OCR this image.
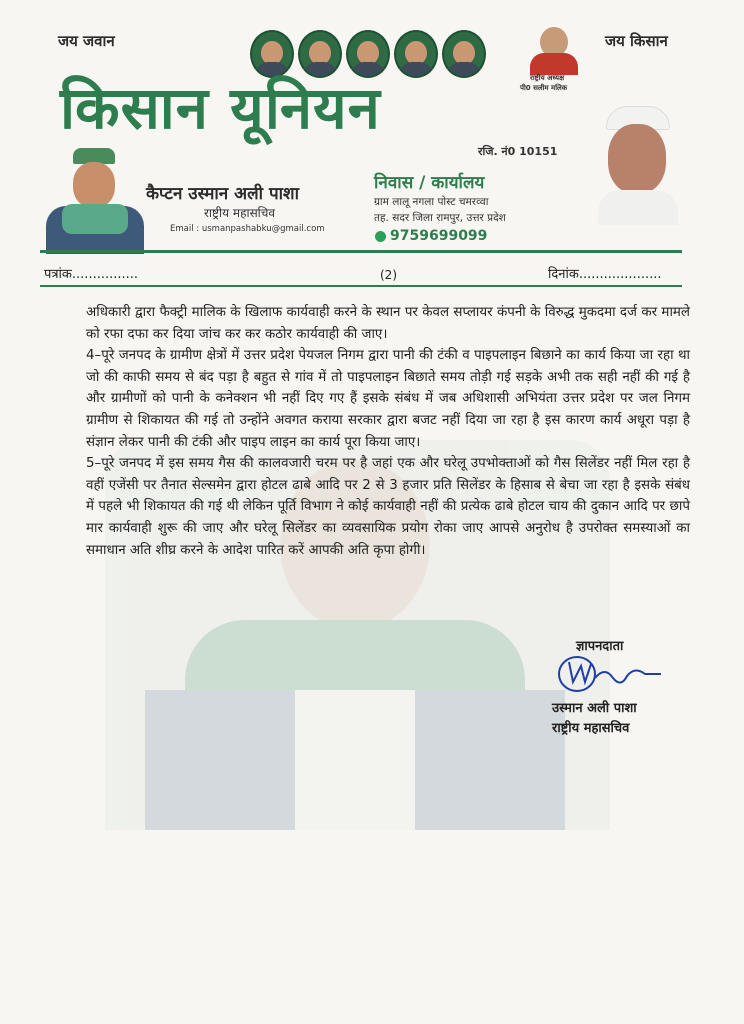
जय जवान	जय किसान
राष्ट्रीय अध्यक्ष
पी0 सलीम मलिक
किसान यूनियन
रजि. नं0 10151
कैप्टन उस्मान अली पाशा
राष्ट्रीय महासचिव
Email : usmanpashabku@gmail.com
निवास / कार्यालय
ग्राम लालू नगला पोस्ट चमरव्वा
तह. सदर जिला रामपुर, उत्तर प्रदेश
9759699099
पत्रांक................	(2)	दिनांक....................

अधिकारी द्वारा फैक्ट्री मालिक के खिलाफ कार्यवाही करने के स्थान पर केवल सप्लायर कंपनी के विरुद्ध मुकदमा दर्ज कर मामले को रफा दफा कर दिया जांच कर कर कठोर कार्यवाही की जाए।

4–पूरे जनपद के ग्रामीण क्षेत्रों में उत्तर प्रदेश पेयजल निगम द्वारा पानी की टंकी व पाइपलाइन बिछाने का कार्य किया जा रहा था जो की काफी समय से बंद पड़ा है बहुत से गांव में तो पाइपलाइन बिछाते समय तोड़ी गई सड़के अभी तक सही नहीं की गई है और ग्रामीणों को पानी के कनेक्शन भी नहीं दिए गए हैं इसके संबंध में जब अधिशासी अभियंता उत्तर प्रदेश पर जल निगम ग्रामीण से शिकायत की गई तो उन्होंने अवगत कराया सरकार द्वारा बजट नहीं दिया जा रहा है इस कारण कार्य अधूरा पड़ा है संज्ञान लेकर पानी की टंकी और पाइप लाइन का कार्य पूरा किया जाए।

5–पूरे जनपद में इस समय गैस की कालवजारी चरम पर है जहां एक और घरेलू उपभोक्ताओं को गैस सिलेंडर नहीं मिल रहा है वहीं एजेंसी पर तैनात सेल्समेन द्वारा होटल ढाबे आदि पर 2 से 3 हजार प्रति सिलेंडर के हिसाब से बेचा जा रहा है इसके संबंध में पहले भी शिकायत की गई थी लेकिन पूर्ति विभाग ने कोई कार्यवाही नहीं की प्रत्येक ढाबे होटल चाय की दुकान आदि पर छापे मार कार्यवाही शुरू की जाए और घरेलू सिलेंडर का व्यवसायिक प्रयोग रोका जाए आपसे अनुरोध है उपरोक्त समस्याओं का समाधान अति शीघ्र करने के आदेश पारित करें आपकी अति कृपा होगी।

ज्ञापनदाता
उस्मान अली पाशा
राष्ट्रीय महासचिव
